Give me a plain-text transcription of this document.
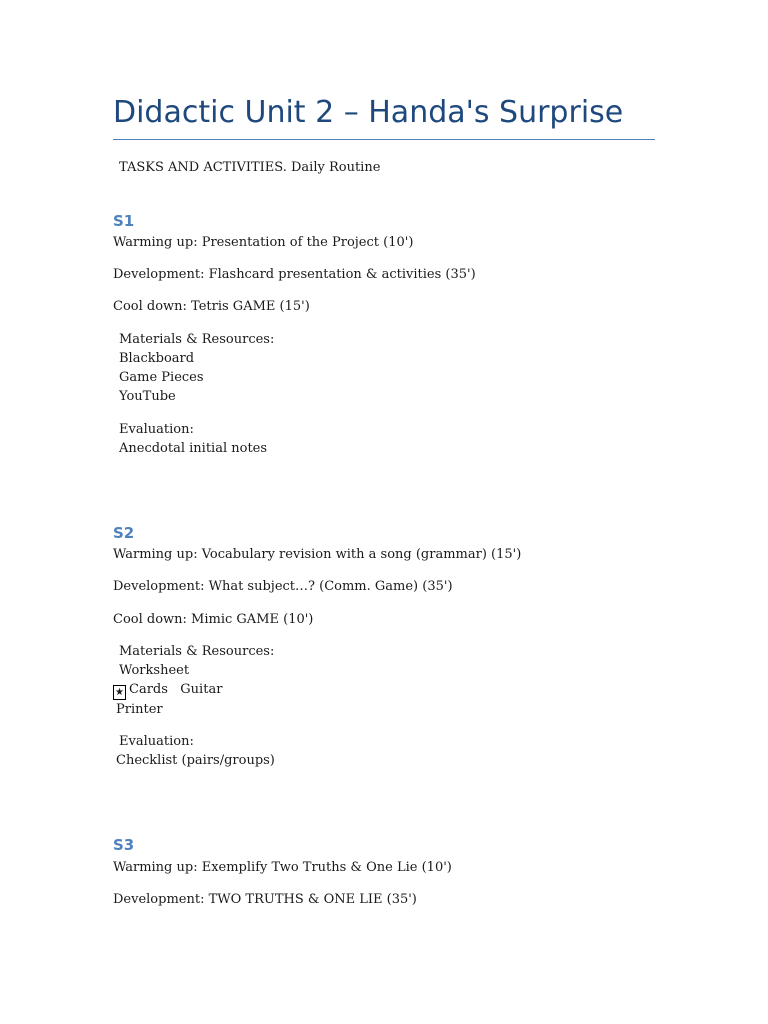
Didactic Unit 2 – Handa's Surprise
TASKS AND ACTIVITIES. Daily Routine
S1
Warming up: Presentation of the Project (10')
Development: Flashcard presentation & activities (35')
Cool down: Tetris GAME (15')
Materials & Resources:
Blackboard
Game Pieces
YouTube
Evaluation:
Anecdotal initial notes
S2
Warming up: Vocabulary revision with a song (grammar) (15')
Development: What subject…? (Comm. Game) (35')
Cool down: Mimic GAME (10')
Materials & Resources:
Worksheet
★ Cards   Guitar
Printer
Evaluation:
Checklist (pairs/groups)
S3
Warming up: Exemplify Two Truths & One Lie (10')
Development: TWO TRUTHS & ONE LIE (35')
